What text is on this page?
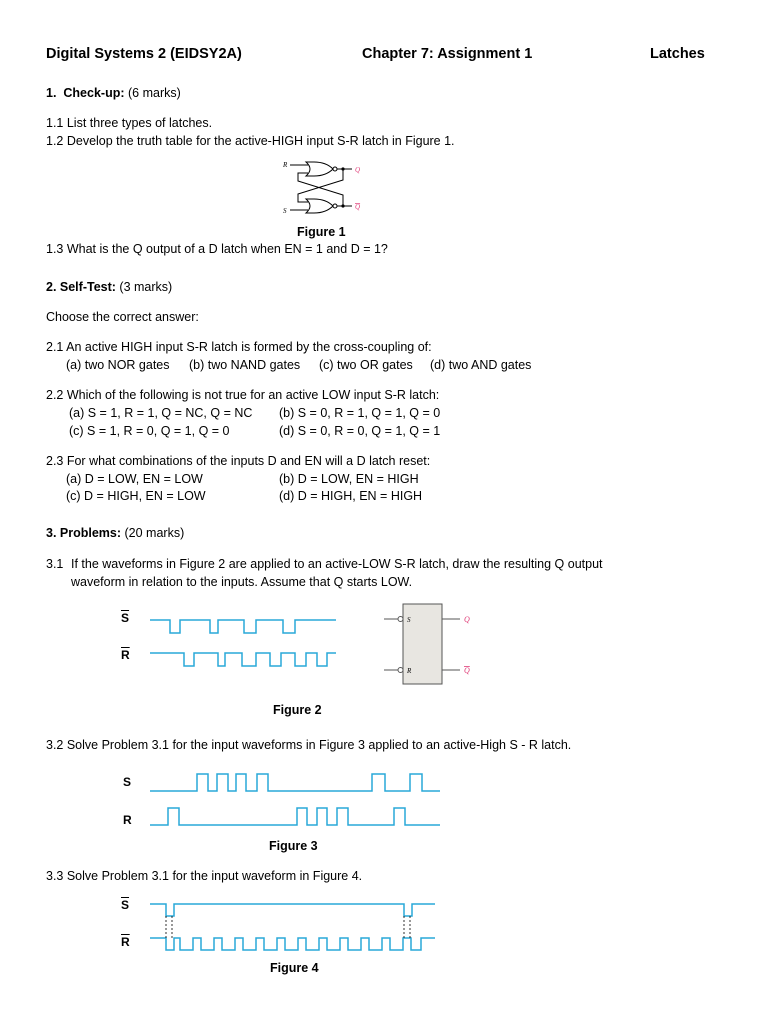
Digital Systems 2 (EIDSY2A)	Chapter 7: Assignment 1	Latches
1. Check-up: (6 marks)
1.1 List three types of latches.
1.2 Develop the truth table for the active-HIGH input S-R latch in Figure 1.
R
S
Q
Q
Figure 1
1.3 What is the Q output of a D latch when EN = 1 and D = 1?
2. Self-Test: (3 marks)
Choose the correct answer:
2.1 An active HIGH input S-R latch is formed by the cross-coupling of:
(a) two NOR gates (b) two NAND gates (c) two OR gates (d) two AND gates
2.2 Which of the following is not true for an active LOW input S-R latch:
(a) S = 1, R = 1, Q = NC, Q = NC (b) S = 0, R = 1, Q = 1, Q = 0
(c) S = 1, R = 0, Q = 1, Q = 0	(d) S = 0, R = 0, Q = 1, Q = 1
2.3 For what combinations of the inputs D and EN will a D latch reset:
(a) D = LOW, EN = LOW	(b) D = LOW, EN = HIGH
(c) D = HIGH, EN = LOW	(d) D = HIGH, EN = HIGH
3. Problems: (20 marks)
3.1 If the waveforms in Figure 2 are applied to an active-LOW S-R latch, draw the resulting Q output
waveform in relation to the inputs. Assume that Q starts LOW.
$\overline{S}$
$\overline{R}$
S
R
Q
Q
Figure 2
3.2 Solve Problem 3.1 for the input waveforms in Figure 3 applied to an active-High S - R latch.
S
R
Figure 3
3.3 Solve Problem 3.1 for the input waveform in Figure 4.
$\overline{S}$
$\overline{R}$
Figure 4
